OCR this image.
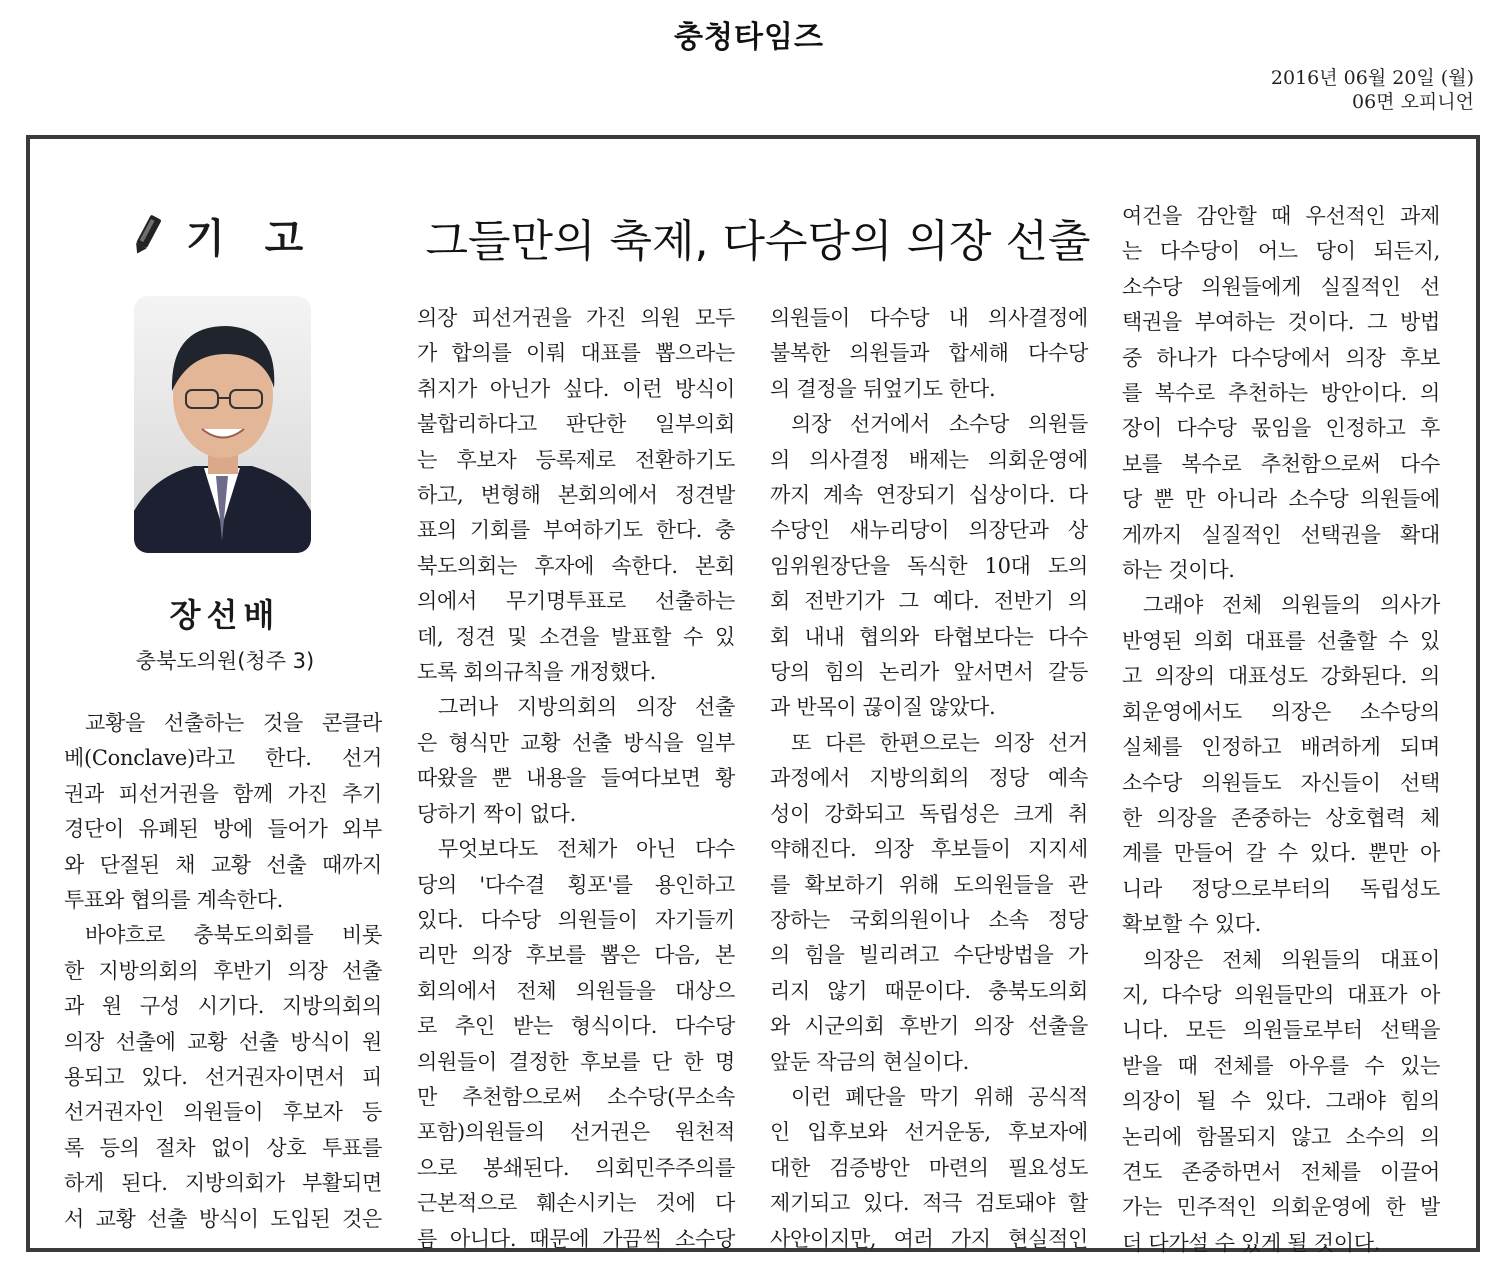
충청타임즈
2016년 06월 20일 (월)
06면 오피니언
기 고	그들만의 축제, 다수당의 의장 선출
장선배
충북도의원(청주 3)

교황을 선출하는 것을 콘클라

베(Conclave)라고 한다. 선거

권과 피선거권을 함께 가진 추기

경단이 유폐된 방에 들어가 외부

와 단절된 채 교황 선출 때까지

투표와 협의를 계속한다.

바야흐로 충북도의회를 비롯

한 지방의회의 후반기 의장 선출

과 원 구성 시기다. 지방의회의

의장 선출에 교황 선출 방식이 원

용되고 있다. 선거권자이면서 피

선거권자인 의원들이 후보자 등

록 등의 절차 없이 상호 투표를

하게 된다. 지방의회가 부활되면

서 교황 선출 방식이 도입된 것은

의장 피선거권을 가진 의원 모두

가 합의를 이뤄 대표를 뽑으라는

취지가 아닌가 싶다. 이런 방식이

불합리하다고 판단한 일부의회

는 후보자 등록제로 전환하기도

하고, 변형해 본회의에서 정견발

표의 기회를 부여하기도 한다. 충

북도의회는 후자에 속한다. 본회

의에서 무기명투표로 선출하는

데, 정견 및 소견을 발표할 수 있

도록 회의규칙을 개정했다.

그러나 지방의회의 의장 선출

은 형식만 교황 선출 방식을 일부

따왔을 뿐 내용을 들여다보면 황

당하기 짝이 없다.

무엇보다도 전체가 아닌 다수

당의 '다수결 횡포'를 용인하고

있다. 다수당 의원들이 자기들끼

리만 의장 후보를 뽑은 다음, 본

회의에서 전체 의원들을 대상으

로 추인 받는 형식이다. 다수당

의원들이 결정한 후보를 단 한 명

만 추천함으로써 소수당(무소속

포함)의원들의 선거권은 원천적

으로 봉쇄된다. 의회민주주의를

근본적으로 훼손시키는 것에 다

름 아니다. 때문에 가끔씩 소수당

의원들이 다수당 내 의사결정에

불복한 의원들과 합세해 다수당

의 결정을 뒤엎기도 한다.

의장 선거에서 소수당 의원들

의 의사결정 배제는 의회운영에

까지 계속 연장되기 십상이다. 다

수당인 새누리당이 의장단과 상

임위원장단을 독식한 10대 도의

회 전반기가 그 예다. 전반기 의

회 내내 협의와 타협보다는 다수

당의 힘의 논리가 앞서면서 갈등

과 반목이 끊이질 않았다.

또 다른 한편으로는 의장 선거

과정에서 지방의회의 정당 예속

성이 강화되고 독립성은 크게 취

약해진다. 의장 후보들이 지지세

를 확보하기 위해 도의원들을 관

장하는 국회의원이나 소속 정당

의 힘을 빌리려고 수단방법을 가

리지 않기 때문이다. 충북도의회

와 시군의회 후반기 의장 선출을

앞둔 작금의 현실이다.

이런 폐단을 막기 위해 공식적

인 입후보와 선거운동, 후보자에

대한 검증방안 마련의 필요성도

제기되고 있다. 적극 검토돼야 할

사안이지만, 여러 가지 현실적인

여건을 감안할 때 우선적인 과제

는 다수당이 어느 당이 되든지,

소수당 의원들에게 실질적인 선

택권을 부여하는 것이다. 그 방법

중 하나가 다수당에서 의장 후보

를 복수로 추천하는 방안이다. 의

장이 다수당 몫임을 인정하고 후

보를 복수로 추천함으로써 다수

당 뿐 만 아니라 소수당 의원들에

게까지 실질적인 선택권을 확대

하는 것이다.

그래야 전체 의원들의 의사가

반영된 의회 대표를 선출할 수 있

고 의장의 대표성도 강화된다. 의

회운영에서도 의장은 소수당의

실체를 인정하고 배려하게 되며

소수당 의원들도 자신들이 선택

한 의장을 존중하는 상호협력 체

계를 만들어 갈 수 있다. 뿐만 아

니라 정당으로부터의 독립성도

확보할 수 있다.

의장은 전체 의원들의 대표이

지, 다수당 의원들만의 대표가 아

니다. 모든 의원들로부터 선택을

받을 때 전체를 아우를 수 있는

의장이 될 수 있다. 그래야 힘의

논리에 함몰되지 않고 소수의 의

견도 존중하면서 전체를 이끌어

가는 민주적인 의회운영에 한 발

더 다가설 수 있게 될 것이다.
